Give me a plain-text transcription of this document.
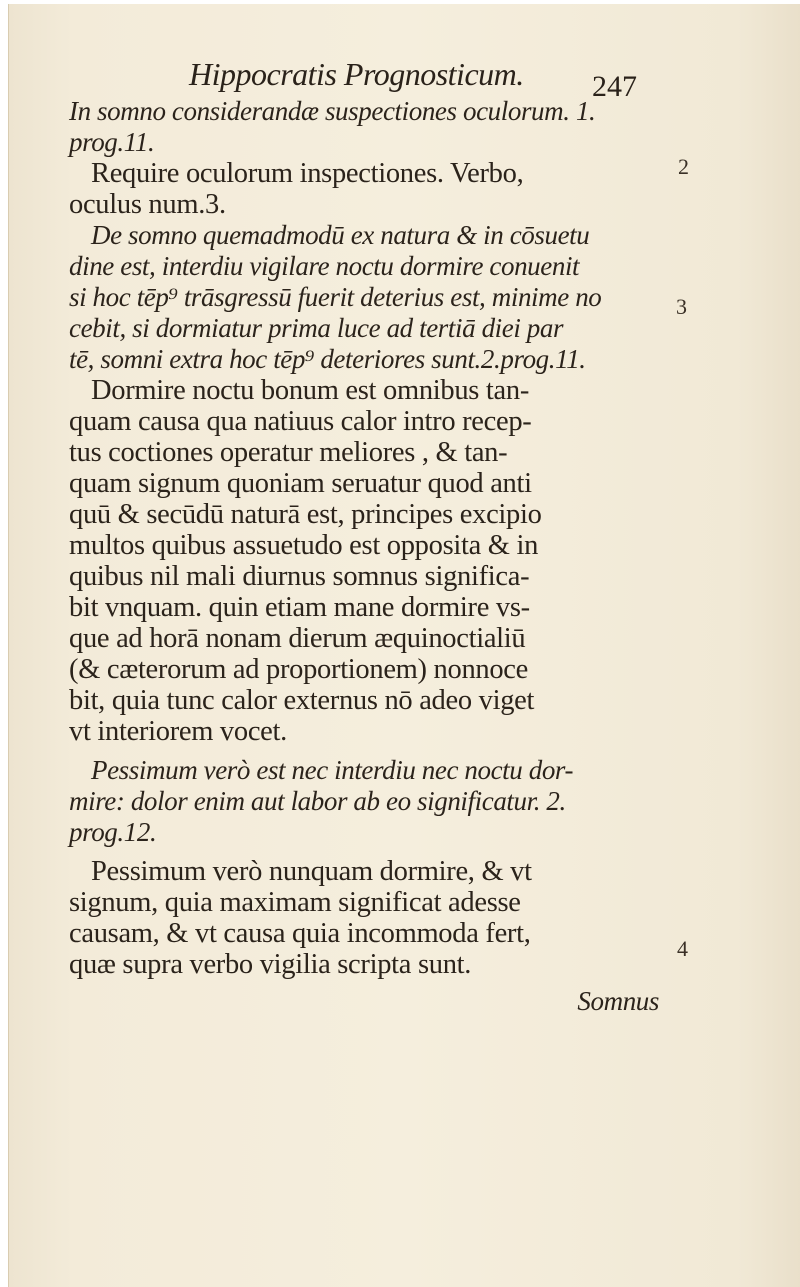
Hippocratis Prognosticum. 247
In somno considerandæ suspectiones oculorum. 1.
prog.11.
Require oculorum inspectiones. Verbo,
oculus num.3.
De somno quemadmodū ex natura & in cōsuetu
dine est, interdiu vigilare noctu dormire conuenit
si hoc tēp⁹ trāsgressū fuerit deterius est, minime no
cebit, si dormiatur prima luce ad tertiā diei par
tē, somni extra hoc tēp⁹ deteriores sunt.2.prog.11.
Dormire noctu bonum est omnibus tan-
quam causa qua natiuus calor intro recep-
tus coctiones operatur meliores , & tan-
quam signum quoniam seruatur quod anti
quū & secūdū naturā est, principes excipio
multos quibus assuetudo est opposita & in
quibus nil mali diurnus somnus significa-
bit vnquam. quin etiam mane dormire vs-
que ad horā nonam dierum æquinoctialiū
(& cæterorum ad proportionem) nonnoce
bit, quia tunc calor externus nō adeo viget
vt interiorem vocet.
Pessimum verò est nec interdiu nec noctu dor-
mire: dolor enim aut labor ab eo significatur. 2.
prog.12.
Pessimum verò nunquam dormire, & vt
signum, quia maximam significat adesse
causam, & vt causa quia incommoda fert,
quæ supra verbo vigilia scripta sunt.
Somnus
2
3
4
